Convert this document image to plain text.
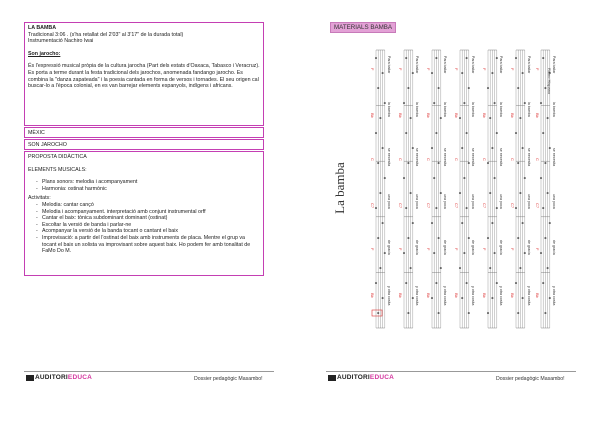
LA BAMBA
Tradicional 3:06 . (s'ha retallat del 2'03" al 3'17" de la durada total)
Instrumentació Nachiro Iwai
Son jarocho:
És l'expressió musical pròpia de la cultura jarocha (Part dels estats d'Oaxaca, Tabasco i Veracruz). Es porta a terme durant la festa tradicional dels jarochos, anomenada fandango jarocho. Es combina la "danza zapateada" i la poesia cantada en forma de versos i tornades. El seu origen cal buscar-lo a l'època colonial, en es van barrejar elements espanyols, indígens i africans.
MÈXIC
SON JAROCHO
PROPOSTA DIDÀCTICA
ELEMENTS MUSICALS:
- Plans sonors: melodia i acompanyament
- Harmonia: ostinat harmònic
Activitats:
- Melodia: cantar cançó
- Melodia i acompanyament. interpretació amb conjunt instrumental orff
- Cantar el baix: tònica subdominant dominant (ostinat)
- Escoltar la versió de banda i parlar-ne
- Acompanyar la versió de la banda tocant o cantant el baix
- Improvisació: a partir del l'ostinat del baix amb instruments de placa. Mentre el grup va tocant el baix un solista va improvisant sobre aquest baix. Ho podem fer amb tonalitat de FaMo Do M.
AUDITORI EDUCA	Dossier pedagògic Masambo!
MATERIALS BAMBA
F
Bb
C
C7
F
Bb
Para bailar
la bamba
se necesita
una poca
de gracia
y otra cosita
F
Bb
C
C7
F
Bb
Para bailar
la bamba
se necesita
una poca
de gracia
y otra cosita
F
Bb
C
C7
F
Bb
Para bailar
la bamba
se necesita
una poca
de gracia
y otra cosita
F
Bb
C
C7
F
Bb
Para bailar
la bamba
se necesita
una poca
de gracia
y otra cosita
F
Bb
C
C7
F
Bb
Para bailar
la bamba
se necesita
una poca
de gracia
y otra cosita
F
Bb
C
C7
F
Bb
Para bailar
la bamba
se necesita
una poca
de gracia
y otra cosita
F
Bb
C
C7
F
Bb
Para bailar
la bamba
se necesita
una poca
de gracia
y otra cosita
La bamba
Ritmo Hispano
AUDITORI EDUCA	Dossier pedagògic Masambo!
